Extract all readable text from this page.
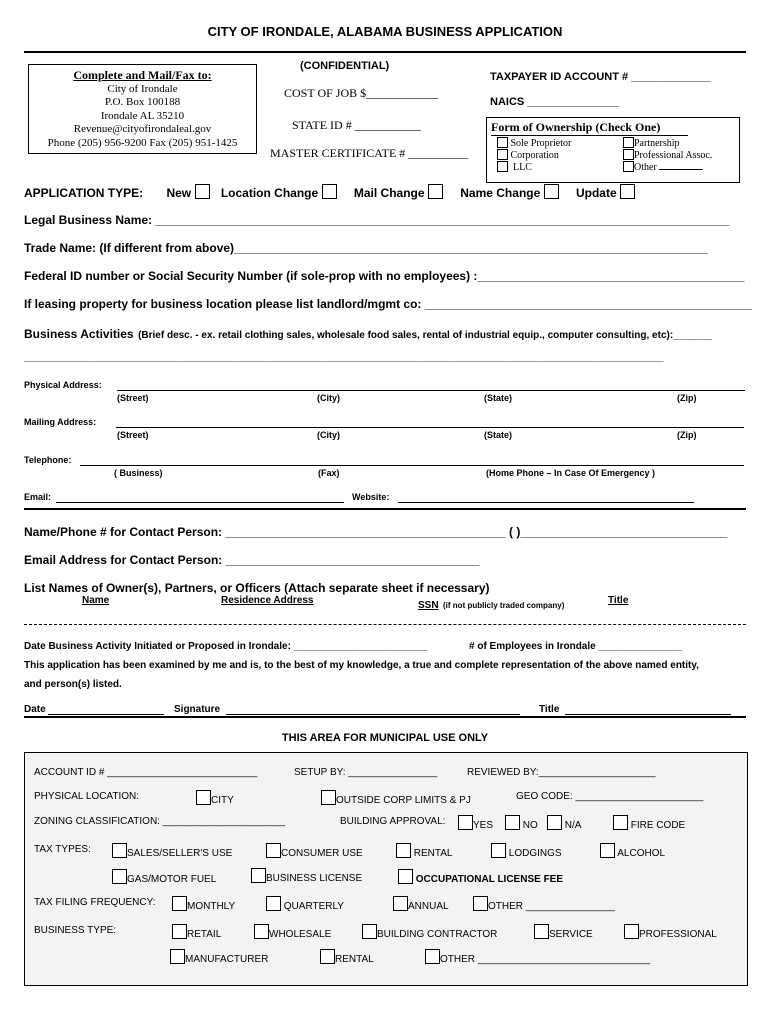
CITY OF IRONDALE, ALABAMA BUSINESS APPLICATION
(CONFIDENTIAL)
Complete and Mail/Fax to:
City of Irondale
P.O. Box 100188
Irondale AL 35210
Revenue@cityofirondaleal.gov
Phone (205) 956-9200 Fax (205) 951-1425
COST OF JOB $____________
STATE ID # ___________
MASTER CERTIFICATE # __________
TAXPAYER ID ACCOUNT # _____________
NAICS _______________
Form of Ownership (Check One)
Sole Proprietor
Corporation
LLC
Partnership
Professional Assoc.
Other
APPLICATION TYPE: New Location Change	Mail Change	Name Change	Update
Legal Business Name: ______________________________________________________________________________________
Trade Name: (If different from above)_______________________________________________________________________
Federal ID number or Social Security Number (if sole-prop with no employees) :________________________________________
If leasing property for business location please list landlord/mgmt co: _________________________________________________
Business Activities (Brief desc. - ex. retail clothing sales, wholesale food sales, rental of industrial equip., computer consulting, etc):_______
___________________________________________________________________________________________________________________
Physical Address:
(Street)	(City)	(State)	(Zip)
Mailing Address:
(Street)	(City)	(State)	(Zip)
Telephone:
( Business)	(Fax)	(Home Phone – In Case Of Emergency )
Email:	Website:
Name/Phone # for Contact Person: __________________________________________ ( )_______________________________
Email Address for Contact Person: ______________________________________
List Names of Owner(s), Partners, or Officers (Attach separate sheet if necessary)
Name	Residence Address	SSN (if not publicly traded company)	Title
Date Business Activity Initiated or Proposed in Irondale: ________________________	# of Employees in Irondale _______________
This application has been examined by me and is, to the best of my knowledge, a true and complete representation of the above named entity,
and person(s) listed.
Date	Signature	Title
THIS AREA FOR MUNICIPAL USE ONLY
ACCOUNT ID # ___________________________	SETUP BY: ________________	REVIEWED BY:_____________________
PHYSICAL LOCATION:	CITY	OUTSIDE CORP LIMITS & PJ	GEO CODE: _______________________
ZONING CLASSIFICATION: ______________________	BUILDING APPROVAL:	YES	NO	N/A	FIRE CODE
TAX TYPES:	SALES/SELLER'S USE	CONSUMER USE	RENTAL	LODGINGS	ALCOHOL
GAS/MOTOR FUEL	BUSINESS LICENSE	OCCUPATIONAL LICENSE FEE
TAX FILING FREQUENCY:	MONTHLY	QUARTERLY	ANNUAL	OTHER ________________
BUSINESS TYPE:	RETAIL	WHOLESALE	BUILDING CONTRACTOR	SERVICE	PROFESSIONAL
MANUFACTURER	RENTAL	OTHER _______________________________
